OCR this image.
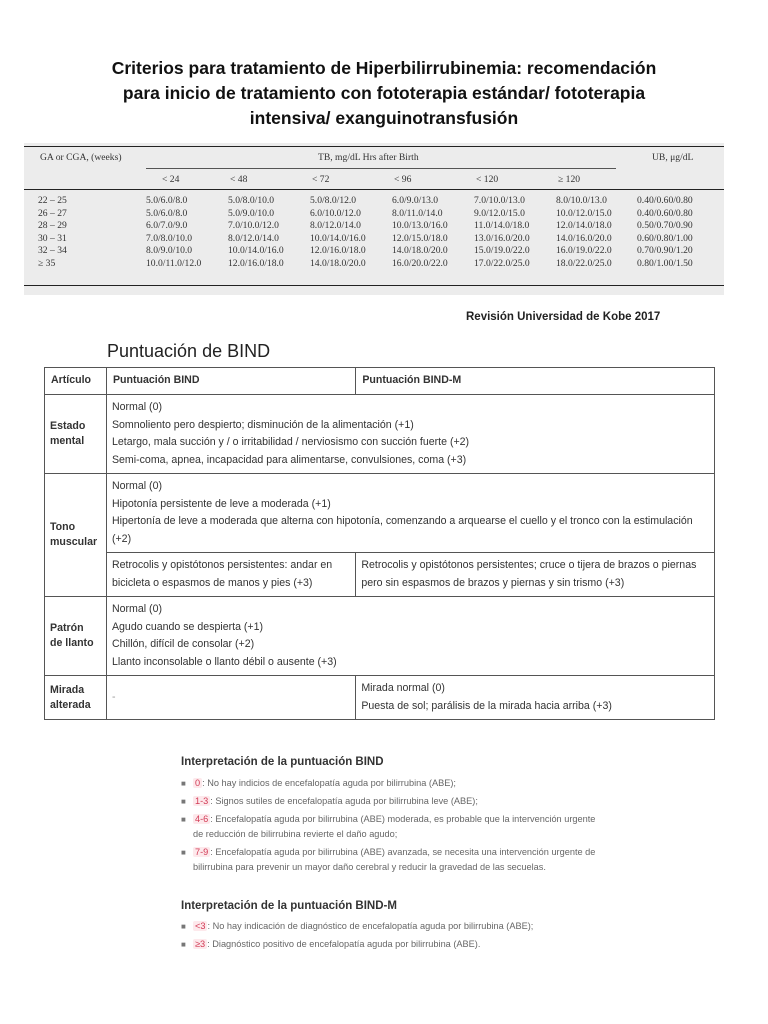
Criterios para tratamiento de Hiperbilirrubinemia: recomendación
para inicio de tratamiento con fototerapia estándar/ fototerapia
intensiva/ exanguinotransfusión
GA or CGA, (weeks)	TB, mg/dL Hrs after Birth	UB, μg/dL
< 24	< 48	< 72	< 96	< 120	≥ 120
22 – 25	5.0/6.0/8.0	5.0/8.0/10.0	5.0/8.0/12.0	6.0/9.0/13.0	7.0/10.0/13.0	8.0/10.0/13.0	0.40/0.60/0.80
26 – 27	5.0/6.0/8.0	5.0/9.0/10.0	6.0/10.0/12.0	8.0/11.0/14.0	9.0/12.0/15.0	10.0/12.0/15.0	0.40/0.60/0.80
28 – 29	6.0/7.0/9.0	7.0/10.0/12.0	8.0/12.0/14.0	10.0/13.0/16.0	11.0/14.0/18.0	12.0/14.0/18.0	0.50/0.70/0.90
30 – 31	7.0/8.0/10.0	8.0/12.0/14.0	10.0/14.0/16.0	12.0/15.0/18.0	13.0/16.0/20.0	14.0/16.0/20.0	0.60/0.80/1.00
32 – 34	8.0/9.0/10.0	10.0/14.0/16.0	12.0/16.0/18.0	14.0/18.0/20.0	15.0/19.0/22.0	16.0/19.0/22.0	0.70/0.90/1.20
≥ 35	10.0/11.0/12.0	12.0/16.0/18.0	14.0/18.0/20.0	16.0/20.0/22.0	17.0/22.0/25.0	18.0/22.0/25.0	0.80/1.00/1.50
Revisión Universidad de Kobe 2017
Puntuación de BIND
Artículo	Puntuación BIND	Puntuación BIND-M

Estado
mental	Normal (0)
Somnoliento pero despierto; disminución de la alimentación (+1)
Letargo, mala succión y / o irritabilidad / nerviosismo con succión fuerte (+2)
Semi-coma, apnea, incapacidad para alimentarse, convulsiones, coma (+3)	

Tono
muscular	Normal (0)
Hipotonía persistente de leve a moderada (+1)
Hipertonía de leve a moderada que alterna con hipotonía, comenzando a arquearse el cuello y el tronco con la estimulación (+2)	

	Retrocolis y opistótonos persistentes: andar en bicicleta o espasmos de manos y pies (+3)	Retrocolis y opistótonos persistentes; cruce o tijera de brazos o piernas pero sin espasmos de brazos y piernas y sin trismo (+3)

Patrón
de llanto	Normal (0)
Agudo cuando se despierta (+1)
Chillón, difícil de consolar (+2)
Llanto inconsolable o llanto débil o ausente (+3)	

Mirada
alterada	-	Mirada normal (0)
Puesta de sol; parálisis de la mirada hacia arriba (+3)
Interpretación de la puntuación BIND
■ 0 : No hay indicios de encefalopatía aguda por bilirrubina (ABE);
■ 1-3 : Signos sutiles de encefalopatía aguda por bilirrubina leve (ABE);
■ 4-6 : Encefalopatía aguda por bilirrubina (ABE) moderada, es probable que la intervención urgente de reducción de bilirrubina revierte el daño agudo;
■ 7-9 : Encefalopatía aguda por bilirrubina (ABE) avanzada, se necesita una intervención urgente de bilirrubina para prevenir un mayor daño cerebral y reducir la gravedad de las secuelas.
Interpretación de la puntuación BIND-M
■ <3 : No hay indicación de diagnóstico de encefalopatía aguda por bilirrubina (ABE);
■ ≥3 : Diagnóstico positivo de encefalopatía aguda por bilirrubina (ABE).
